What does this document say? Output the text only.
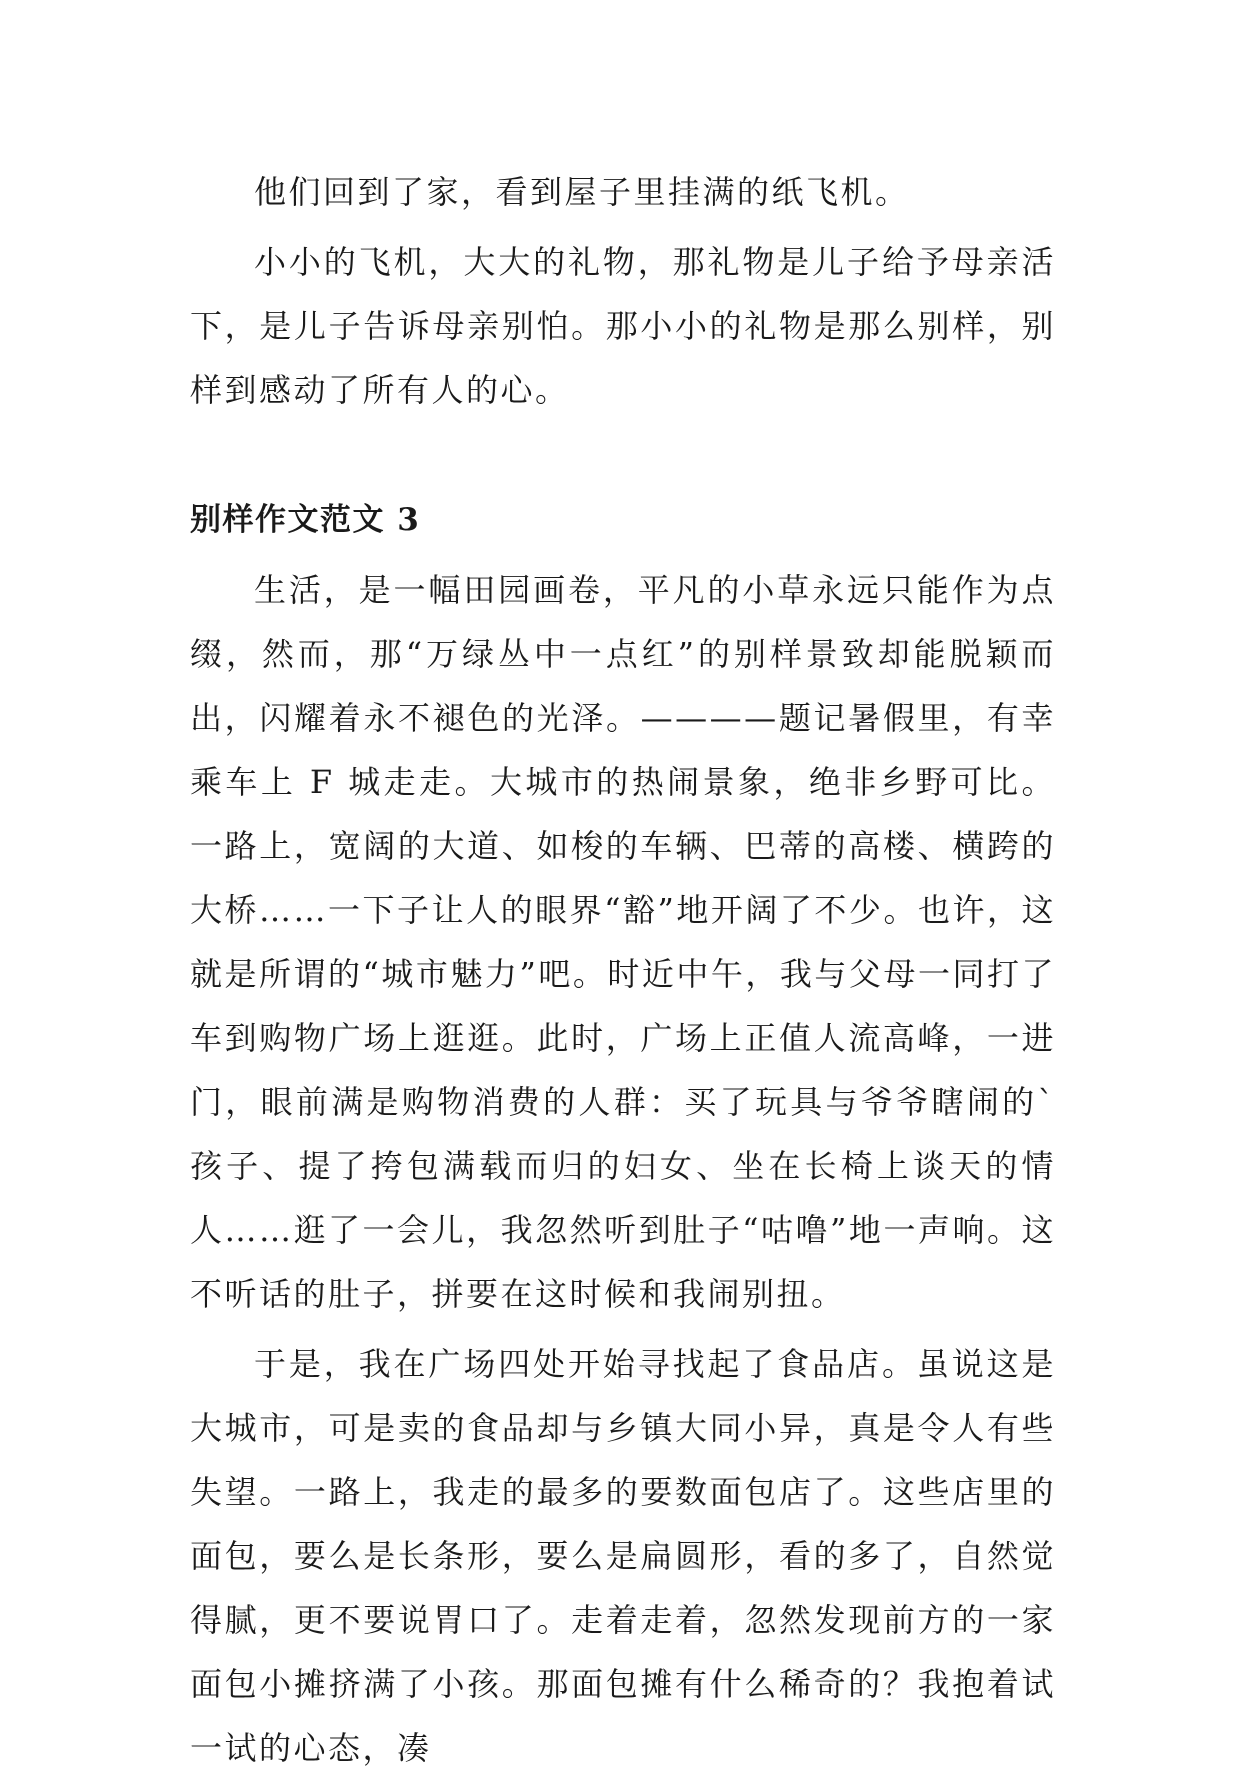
他们回到了家，看到屋子里挂满的纸飞机。

小小的飞机，大大的礼物，那礼物是儿子给予母亲活下，是儿子告诉母亲别怕。那小小的礼物是那么别样，别样到感动了所有人的心。

别样作文范文 3

生活，是一幅田园画卷，平凡的小草永远只能作为点缀，然而，那“万绿丛中一点红”的别样景致却能脱颖而出，闪耀着永不褪色的光泽。————题记暑假里，有幸乘车上 F 城走走。大城市的热闹景象，绝非乡野可比。一路上，宽阔的大道、如梭的车辆、巴蒂的高楼、横跨的大桥……一下子让人的眼界“豁”地开阔了不少。也许，这就是所谓的“城市魅力”吧。时近中午，我与父母一同打了车到购物广场上逛逛。此时，广场上正值人流高峰，一进门，眼前满是购物消费的人群：买了玩具与爷爷瞎闹的`孩子、提了挎包满载而归的妇女、坐在长椅上谈天的情人……逛了一会儿，我忽然听到肚子“咕噜”地一声响。这不听话的肚子，拼要在这时候和我闹别扭。

于是，我在广场四处开始寻找起了食品店。虽说这是大城市，可是卖的食品却与乡镇大同小异，真是令人有些失望。一路上，我走的最多的要数面包店了。这些店里的面包，要么是长条形，要么是扁圆形，看的多了，自然觉得腻，更不要说胃口了。走着走着，忽然发现前方的一家面包小摊挤满了小孩。那面包摊有什么稀奇的？我抱着试一试的心态，凑
